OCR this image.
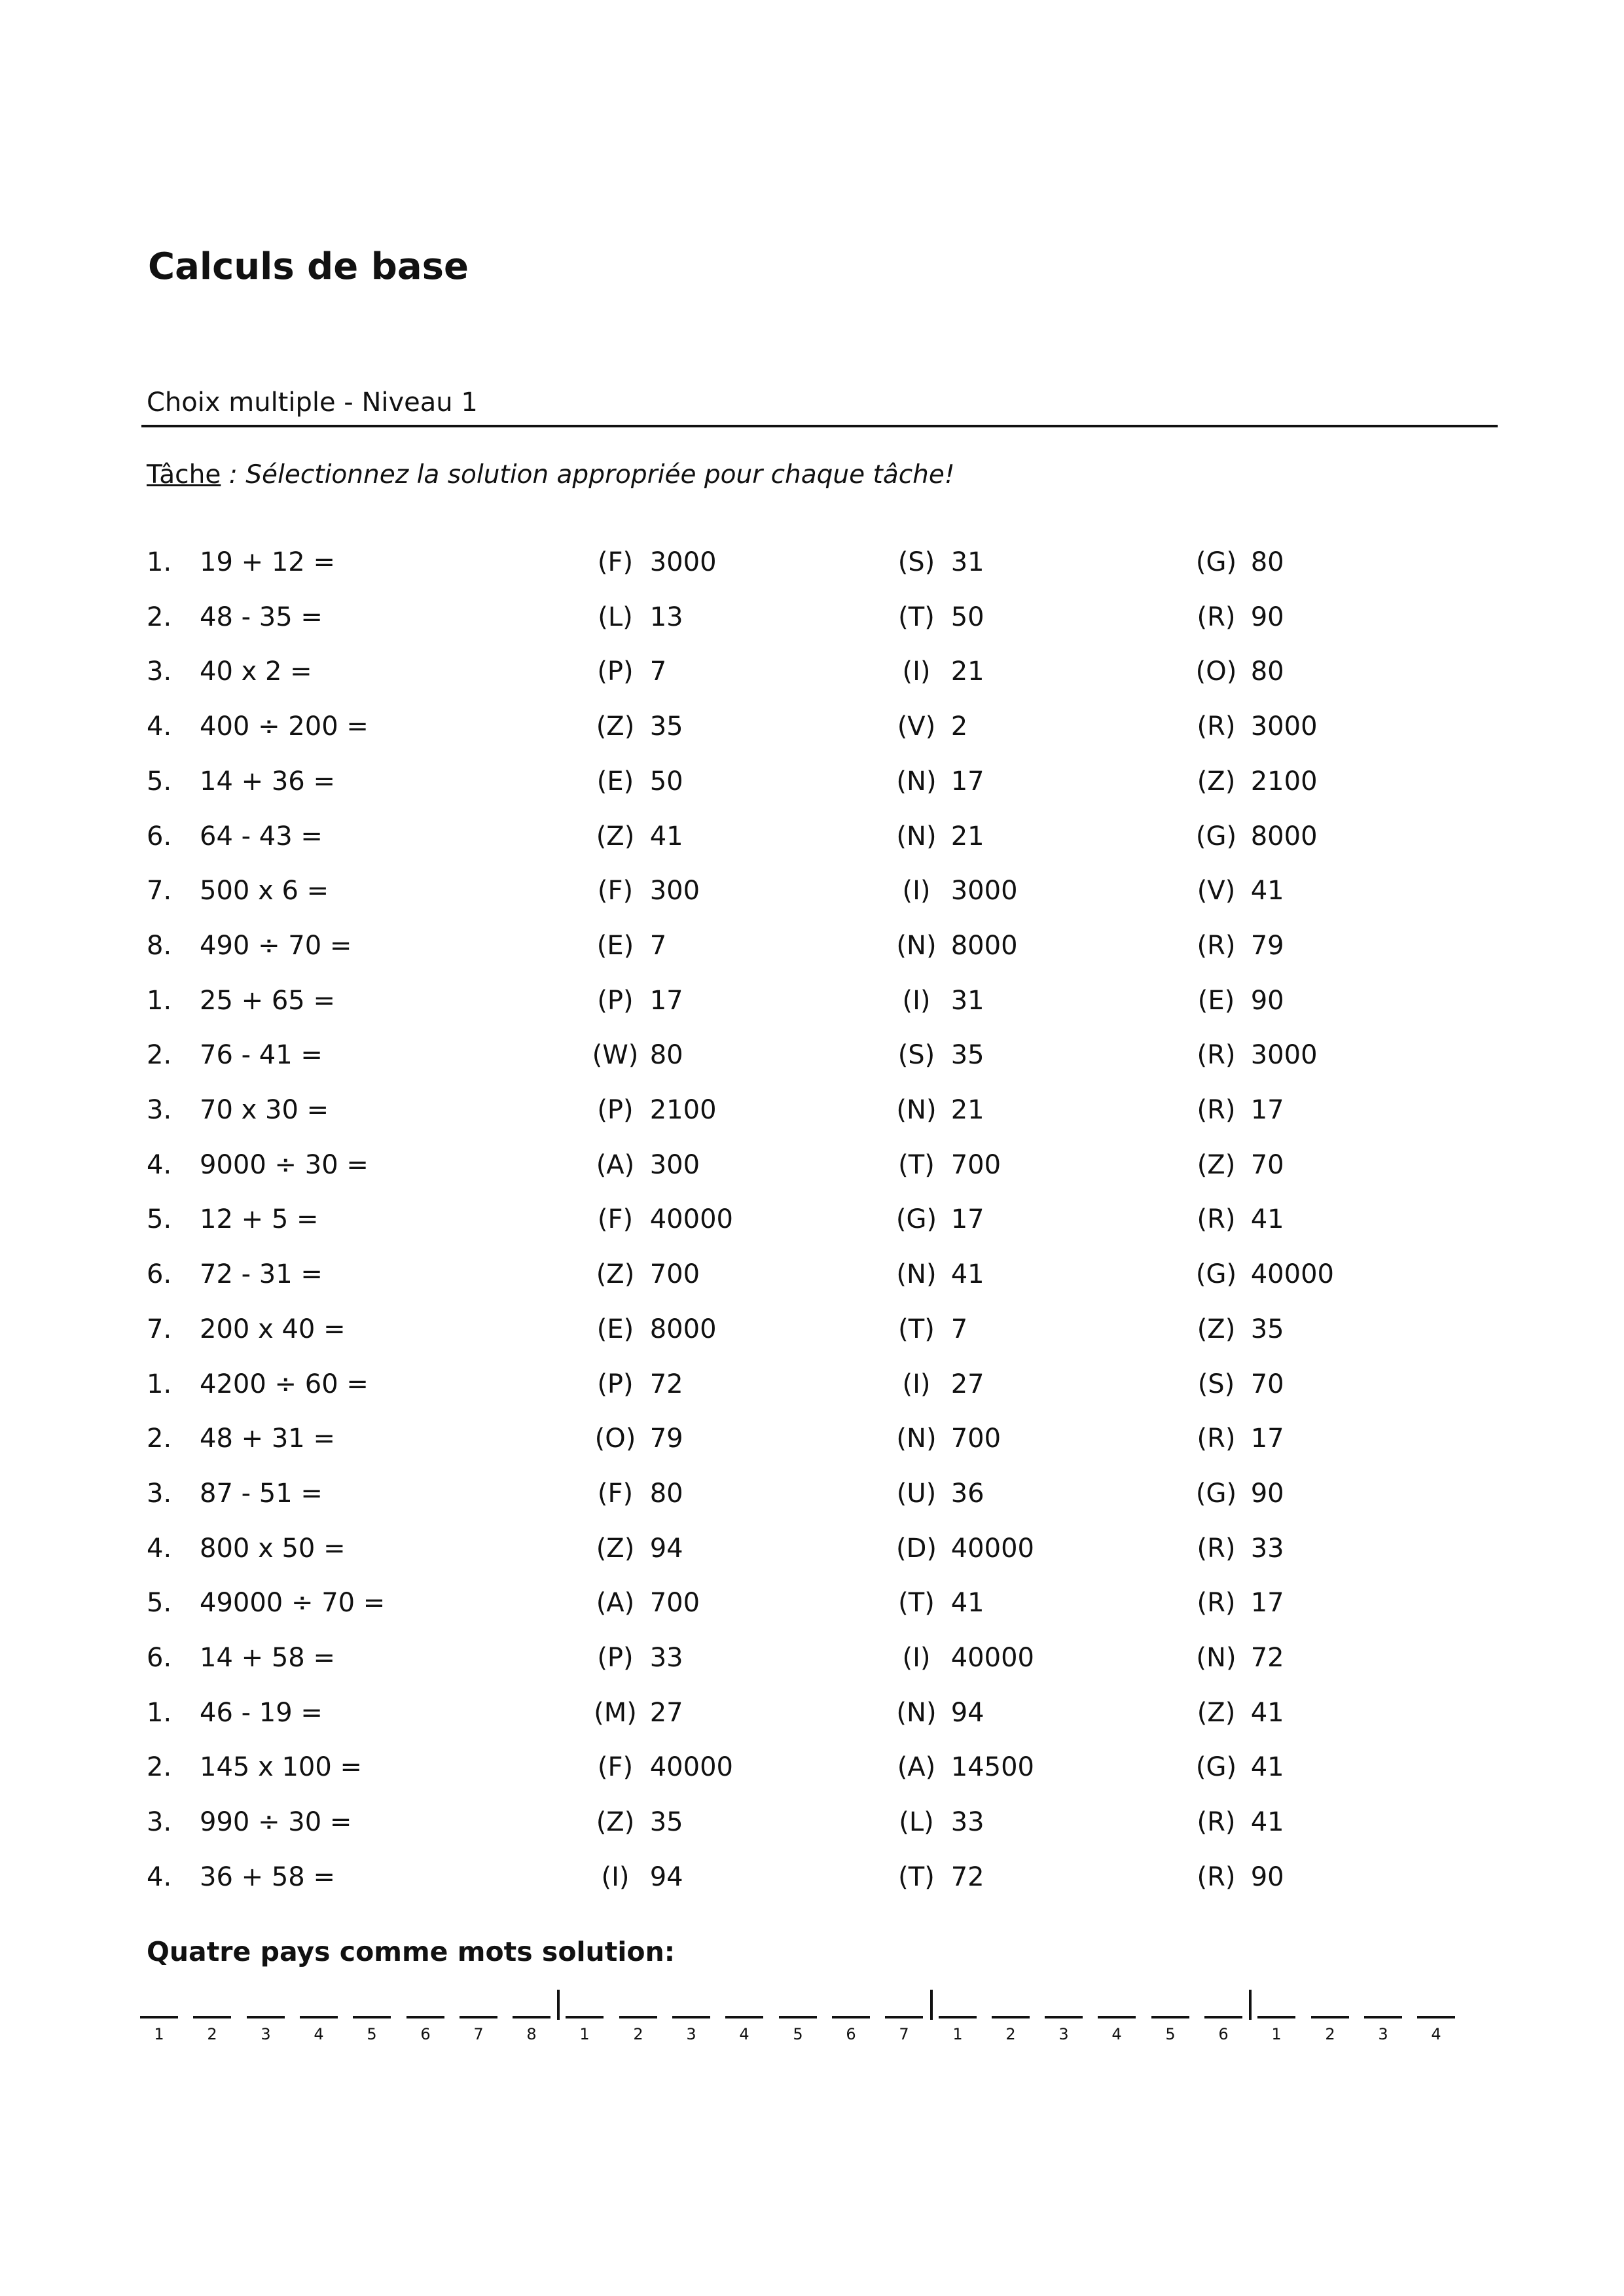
Calculs de base

Choix multiple - Niveau 1

Tâche : Sélectionnez la solution appropriée pour chaque tâche!

1. 19 + 12 =	(F) 3000	(S) 31	(G) 80
2. 48 - 35 =	(L) 13	(T) 50	(R) 90
3. 40 x 2 =	(P) 7	(I) 21	(O) 80
4. 400 ÷ 200 =	(Z) 35	(V) 2	(R) 3000
5. 14 + 36 =	(E) 50	(N) 17	(Z) 2100
6. 64 - 43 =	(Z) 41	(N) 21	(G) 8000
7. 500 x 6 =	(F) 300	(I) 3000	(V) 41
8. 490 ÷ 70 =	(E) 7	(N) 8000	(R) 79
1. 25 + 65 =	(P) 17	(I) 31	(E) 90
2. 76 - 41 =	(W) 80	(S) 35	(R) 3000
3. 70 x 30 =	(P) 2100	(N) 21	(R) 17
4. 9000 ÷ 30 =	(A) 300	(T) 700	(Z) 70
5. 12 + 5 =	(F) 40000	(G) 17	(R) 41
6. 72 - 31 =	(Z) 700	(N) 41	(G) 40000
7. 200 x 40 =	(E) 8000	(T) 7	(Z) 35
1. 4200 ÷ 60 =	(P) 72	(I) 27	(S) 70
2. 48 + 31 =	(O) 79	(N) 700	(R) 17
3. 87 - 51 =	(F) 80	(U) 36	(G) 90
4. 800 x 50 =	(Z) 94	(D) 40000	(R) 33
5. 49000 ÷ 70 =	(A) 700	(T) 41	(R) 17
6. 14 + 58 =	(P) 33	(I) 40000	(N) 72
1. 46 - 19 =	(M) 27	(N) 94	(Z) 41
2. 145 x 100 =	(F) 40000	(A) 14500	(G) 41
3. 990 ÷ 30 =	(Z) 35	(L) 33	(R) 41
4. 36 + 58 =	(I) 94	(T) 72	(R) 90

Quatre pays comme mots solution:

1	2	3	4	5	6	7	8	1	2	3	4	5	6	7	1	2	3	4	5	6	1	2	3	4
